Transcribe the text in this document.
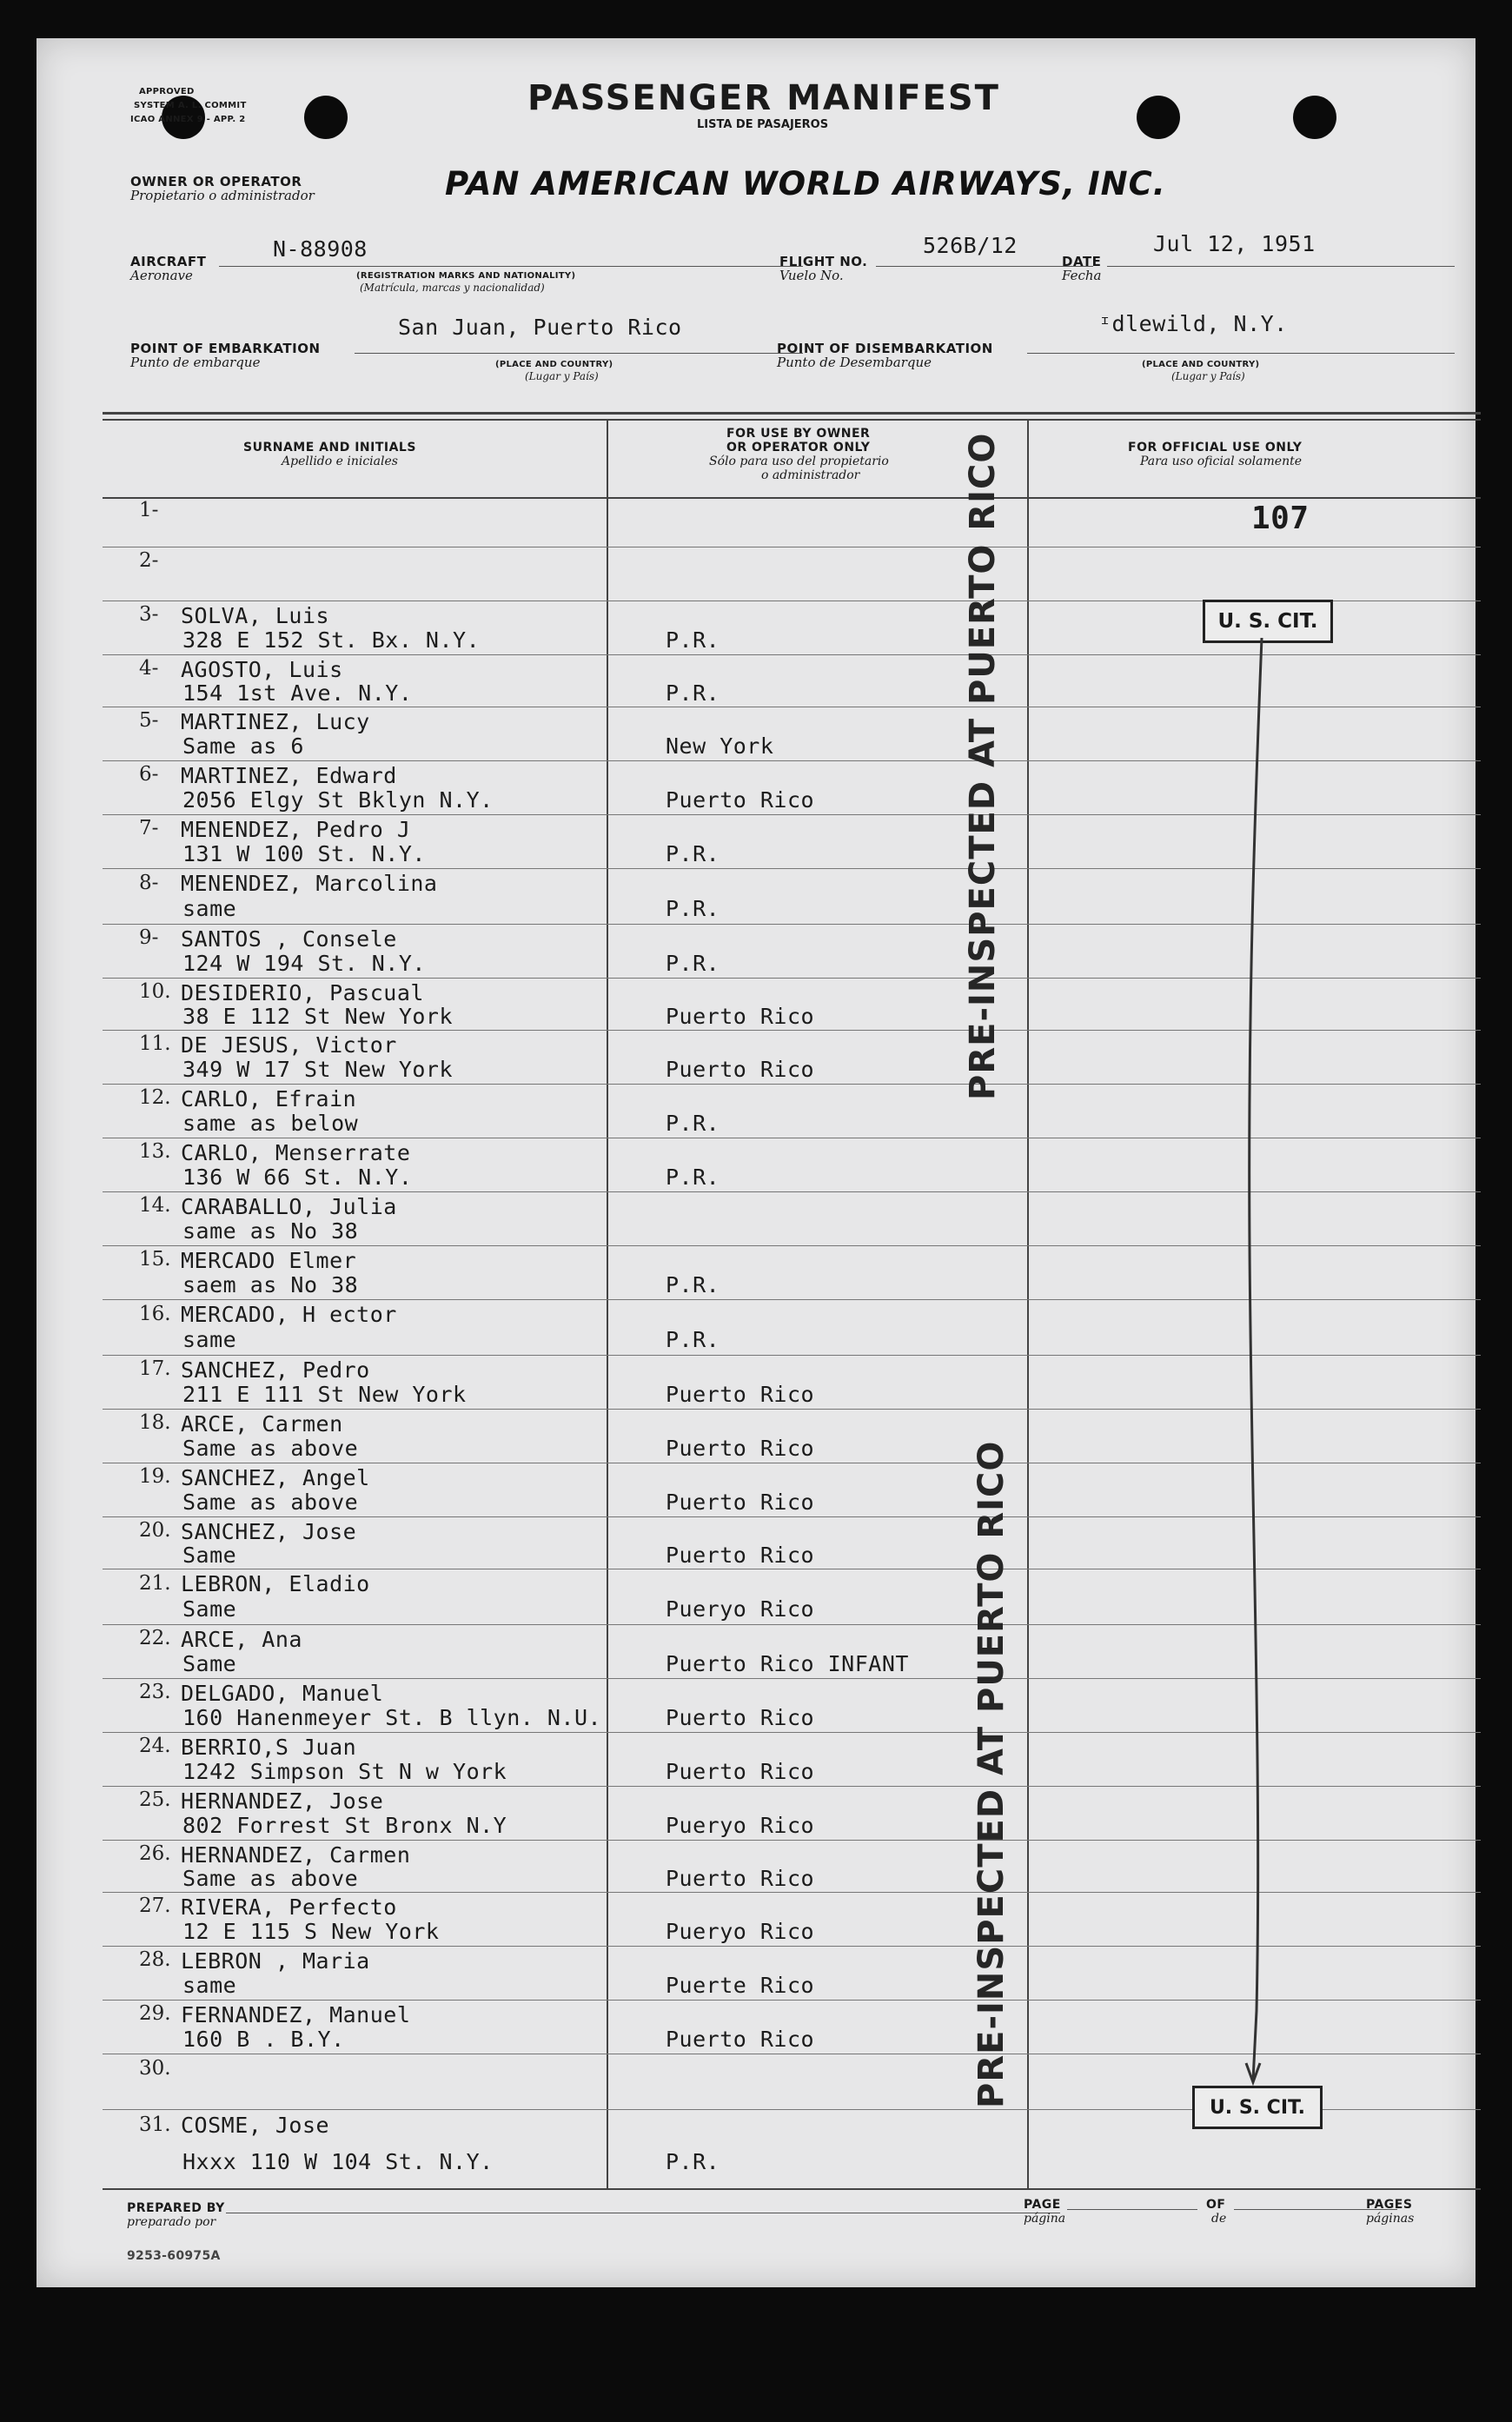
APPROVED
SYSTEM A. L. COMMIT
ICAO ANNEX 9 - APP. 2
PASSENGER MANIFEST
LISTA DE PASAJEROS
OWNER OR OPERATOR
Propietario o administrador	PAN AMERICAN WORLD AIRWAYS, INC.
AIRCRAFT
Aeronave
N-88908
(REGISTRATION MARKS AND NATIONALITY)
(Matrícula, marcas y nacionalidad)
FLIGHT NO.
Vuelo No.
526B/12
DATE
Fecha
Jul 12, 1951
POINT OF EMBARKATION
Punto de embarque
San Juan, Puerto Rico
(PLACE AND COUNTRY)
(Lugar y País)
POINT OF DISEMBARKATION
Punto de Desembarque
ᶦdlewild, N.Y.
(PLACE AND COUNTRY)
(Lugar y País)
SURNAME AND INITIALS
Apellido e iniciales
FOR USE BY OWNER
OR OPERATOR ONLY
Sólo para uso del propietario
o administrador
FOR OFFICIAL USE ONLY
Para uso oficial solamente
1-
2-
3- SOLVA, Luis
328 E 152 St. Bx. N.Y.	P.R.
4- AGOSTO, Luis
154 1st Ave. N.Y.	P.R.
5- MARTINEZ, Lucy
Same as 6	New York
6- MARTINEZ, Edward
2056 Elgy St Bklyn N.Y.	Puerto Rico
7- MENENDEZ, Pedro J
131 W 100 St. N.Y.	P.R.
8- MENENDEZ, Marcolina
same	P.R.
9- SANTOS , Consele
124 W 194 St. N.Y.	P.R.
10. DESIDERIO, Pascual
38 E 112 St New York	Puerto Rico
11. DE JESUS, Victor
349 W 17 St New York	Puerto Rico
12. CARLO, Efrain
same as below	P.R.
13. CARLO, Menserrate
136 W 66 St. N.Y.	P.R.
14. CARABALLO, Julia
same as No 38
15. MERCADO Elmer
saem as No 38	P.R.
16. MERCADO, H ector
same	P.R.
17. SANCHEZ, Pedro
211 E 111 St New York	Puerto Rico
18. ARCE, Carmen
Same as above	Puerto Rico
19. SANCHEZ, Angel
Same as above	Puerto Rico
20. SANCHEZ, Jose
Same	Puerto Rico
21. LEBRON, Eladio
Same	Pueryo Rico
22. ARCE, Ana
Same	Puerto Rico INFANT
23. DELGADO, Manuel
160 Hanenmeyer St. B llyn. N.U.	Puerto Rico
24. BERRIO,S Juan
1242 Simpson St N w York	Puerto Rico
25. HERNANDEZ, Jose
802 Forrest St Bronx N.Y	Pueryo Rico
26. HERNANDEZ, Carmen
Same as above	Puerto Rico
27. RIVERA, Perfecto
12 E 115 S New York	Pueryo Rico
28. LEBRON , Maria
same	Puerte Rico
29. FERNANDEZ, Manuel
160 B . B.Y.	Puerto Rico
30.
31. COSME, Jose
Hxxx 110 W 104 St. N.Y.	P.R.
107
U. S. CIT.
U. S. CIT.
PRE-INSPECTED AT PUERTO RICO
PRE-INSPECTED AT PUERTO RICO
PREPARED BY
preparado por
PAGE
página
OF
de
PAGES
páginas
9253-60975A
